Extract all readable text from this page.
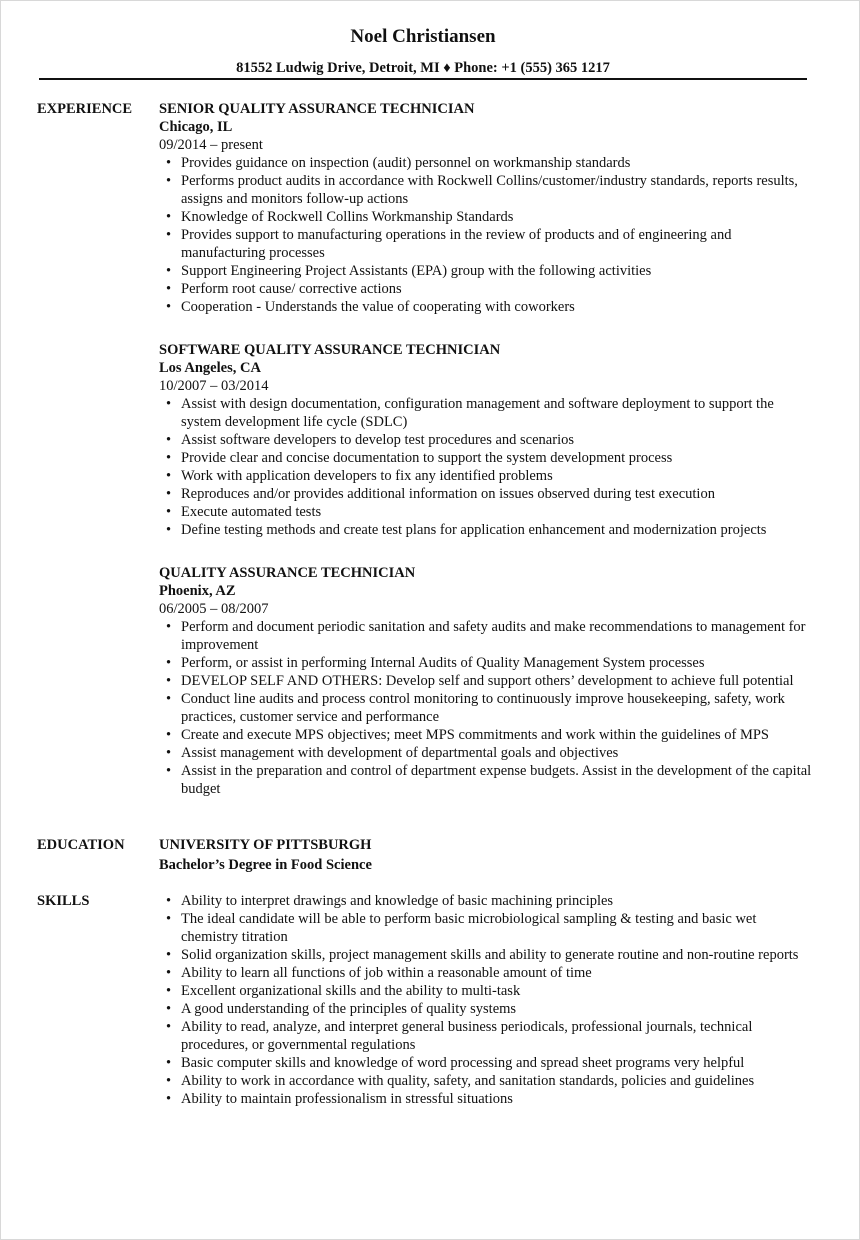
Noel Christiansen
81552 Ludwig Drive, Detroit, MI ♦ Phone: +1 (555) 365 1217
EXPERIENCE SENIOR QUALITY ASSURANCE TECHNICIAN
Chicago, IL
09/2014 – present
• Provides guidance on inspection (audit) personnel on workmanship standards
• Performs product audits in accordance with Rockwell Collins/customer/industry standards, reports results, assigns and monitors follow-up actions
• Knowledge of Rockwell Collins Workmanship Standards
• Provides support to manufacturing operations in the review of products and of engineering and manufacturing processes
• Support Engineering Project Assistants (EPA) group with the following activities
• Perform root cause/ corrective actions
• Cooperation - Understands the value of cooperating with coworkers
SOFTWARE QUALITY ASSURANCE TECHNICIAN
Los Angeles, CA
10/2007 – 03/2014
• Assist with design documentation, configuration management and software deployment to support the system development life cycle (SDLC)
• Assist software developers to develop test procedures and scenarios
• Provide clear and concise documentation to support the system development process
• Work with application developers to fix any identified problems
• Reproduces and/or provides additional information on issues observed during test execution
• Execute automated tests
• Define testing methods and create test plans for application enhancement and modernization projects
QUALITY ASSURANCE TECHNICIAN
Phoenix, AZ
06/2005 – 08/2007
• Perform and document periodic sanitation and safety audits and make recommendations to management for improvement
• Perform, or assist in performing Internal Audits of Quality Management System processes
• DEVELOP SELF AND OTHERS: Develop self and support others’ development to achieve full potential
• Conduct line audits and process control monitoring to continuously improve housekeeping, safety, work practices, customer service and performance
• Create and execute MPS objectives; meet MPS commitments and work within the guidelines of MPS
• Assist management with development of departmental goals and objectives
• Assist in the preparation and control of department expense budgets. Assist in the development of the capital budget
EDUCATION UNIVERSITY OF PITTSBURGH
Bachelor’s Degree in Food Science
SKILLS
•	Ability to interpret drawings and knowledge of basic machining principles
• The ideal candidate will be able to perform basic microbiological sampling & testing and basic wet chemistry titration
• Solid organization skills, project management skills and ability to generate routine and non-routine reports
• Ability to learn all functions of job within a reasonable amount of time
• Excellent organizational skills and the ability to multi-task
• A good understanding of the principles of quality systems
• Ability to read, analyze, and interpret general business periodicals, professional journals, technical procedures, or governmental regulations
• Basic computer skills and knowledge of word processing and spread sheet programs very helpful
• Ability to work in accordance with quality, safety, and sanitation standards, policies and guidelines
• Ability to maintain professionalism in stressful situations
